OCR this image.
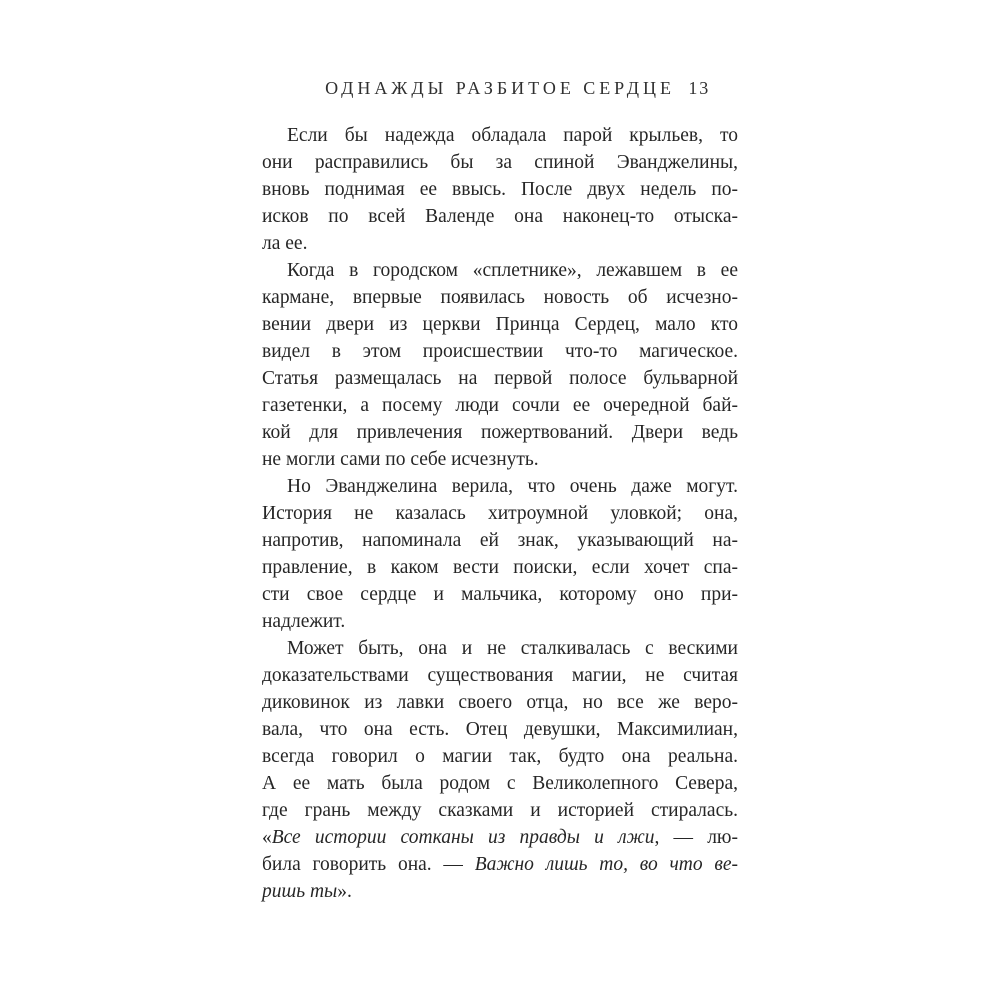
ОДНАЖДЫ РАЗБИТОЕ СЕРДЦЕ 13

Если бы надежда обладала парой крыльев, то
они расправились бы за спиной Эванджелины,
вновь поднимая ее ввысь. После двух недель по-
исков по всей Валенде она наконец-то отыска-
ла ее.

Когда в городском «сплетнике», лежавшем в ее
кармане, впервые появилась новость об исчезно-
вении двери из церкви Принца Сердец, мало кто
видел в этом происшествии что-то магическое.
Статья размещалась на первой полосе бульварной
газетенки, а посему люди сочли ее очередной бай-
кой для привлечения пожертвований. Двери ведь
не могли сами по себе исчезнуть.

Но Эванджелина верила, что очень даже могут.
История не казалась хитроумной уловкой; она,
напротив, напоминала ей знак, указывающий на-
правление, в каком вести поиски, если хочет спа-
сти свое сердце и мальчика, которому оно при-
надлежит.

Может быть, она и не сталкивалась с вескими
доказательствами существования магии, не считая
диковинок из лавки своего отца, но все же веро-
вала, что она есть. Отец девушки, Максимилиан,
всегда говорил о магии так, будто она реальна.
А ее мать была родом с Великолепного Севера,
где грань между сказками и историей стиралась.
«Все истории сотканы из правды и лжи, — лю-
била говорить она. — Важно лишь то, во что ве-
ришь ты».
